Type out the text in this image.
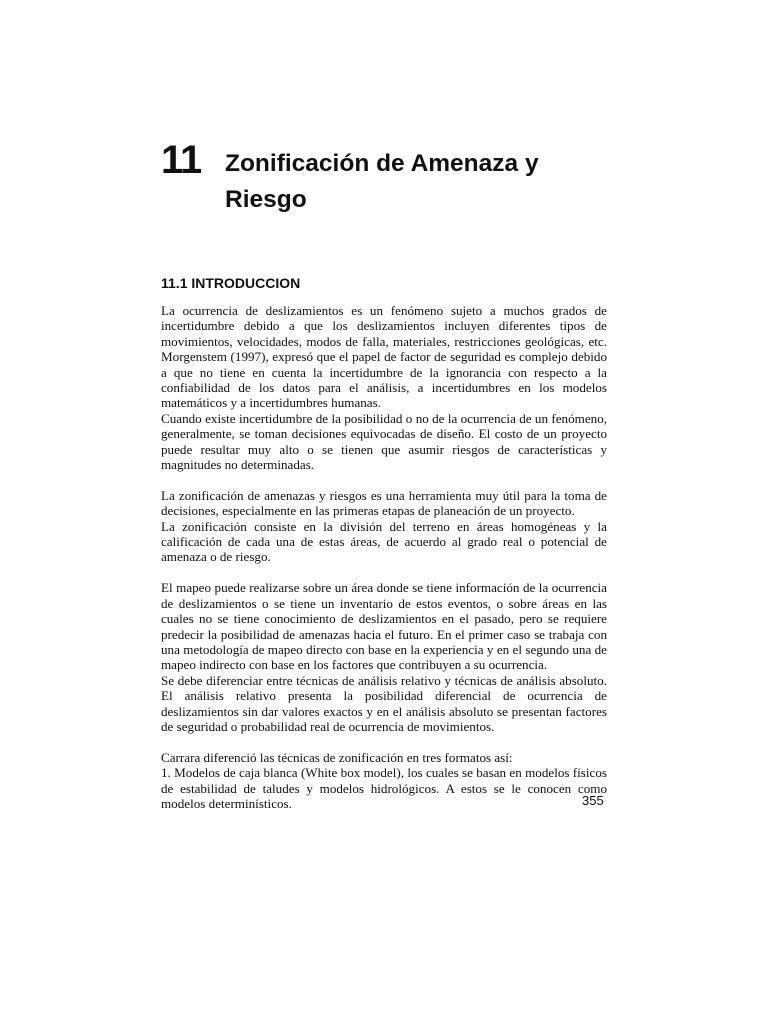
11 Zonificación de Amenaza y Riesgo
11.1 INTRODUCCION

La ocurrencia de deslizamientos es un fenómeno sujeto a muchos grados de incertidumbre debido a que los deslizamientos incluyen diferentes tipos de movimientos, velocidades, modos de falla, materiales, restricciones geológicas, etc. Morgenstem (1997), expresó que el papel de factor de seguridad es complejo debido a que no tiene en cuenta la incertidumbre de la ignorancia con respecto a la confiabilidad de los datos para el análisis, a incertidumbres en los modelos matemáticos y a incertidumbres humanas.

Cuando existe incertidumbre de la posibilidad o no de la ocurrencia de un fenómeno, generalmente, se toman decisiones equivocadas de diseño. El costo de un proyecto puede resultar muy alto o se tienen que asumir riesgos de características y magnitudes no determinadas.

La zonificación de amenazas y riesgos es una herramienta muy útil para la toma de decisiones, especialmente en las primeras etapas de planeación de un proyecto.

La zonificación consiste en la división del terreno en áreas homogéneas y la calificación de cada una de estas áreas, de acuerdo al grado real o potencial de amenaza o de riesgo.

El mapeo puede realizarse sobre un área donde se tiene información de la ocurrencia de deslizamientos o se tiene un inventario de estos eventos, o sobre áreas en las cuales no se tiene conocimiento de deslizamientos en el pasado, pero se requiere predecir la posibilidad de amenazas hacia el futuro. En el primer caso se trabaja con una metodología de mapeo directo con base en la experiencia y en el segundo una de mapeo indirecto con base en los factores que contribuyen a su ocurrencia.

Se debe diferenciar entre técnicas de análisis relativo y técnicas de análisis absoluto. El análisis relativo presenta la posibilidad diferencial de ocurrencia de deslizamientos sin dar valores exactos y en el análisis absoluto se presentan factores de seguridad o probabilidad real de ocurrencia de movimientos.

Carrara diferenció las técnicas de zonificación en tres formatos así:

1. Modelos de caja blanca (White box model), los cuales se basan en modelos físicos de estabilidad de taludes y modelos hidrológicos. A estos se le conocen como modelos determinísticos.	355
